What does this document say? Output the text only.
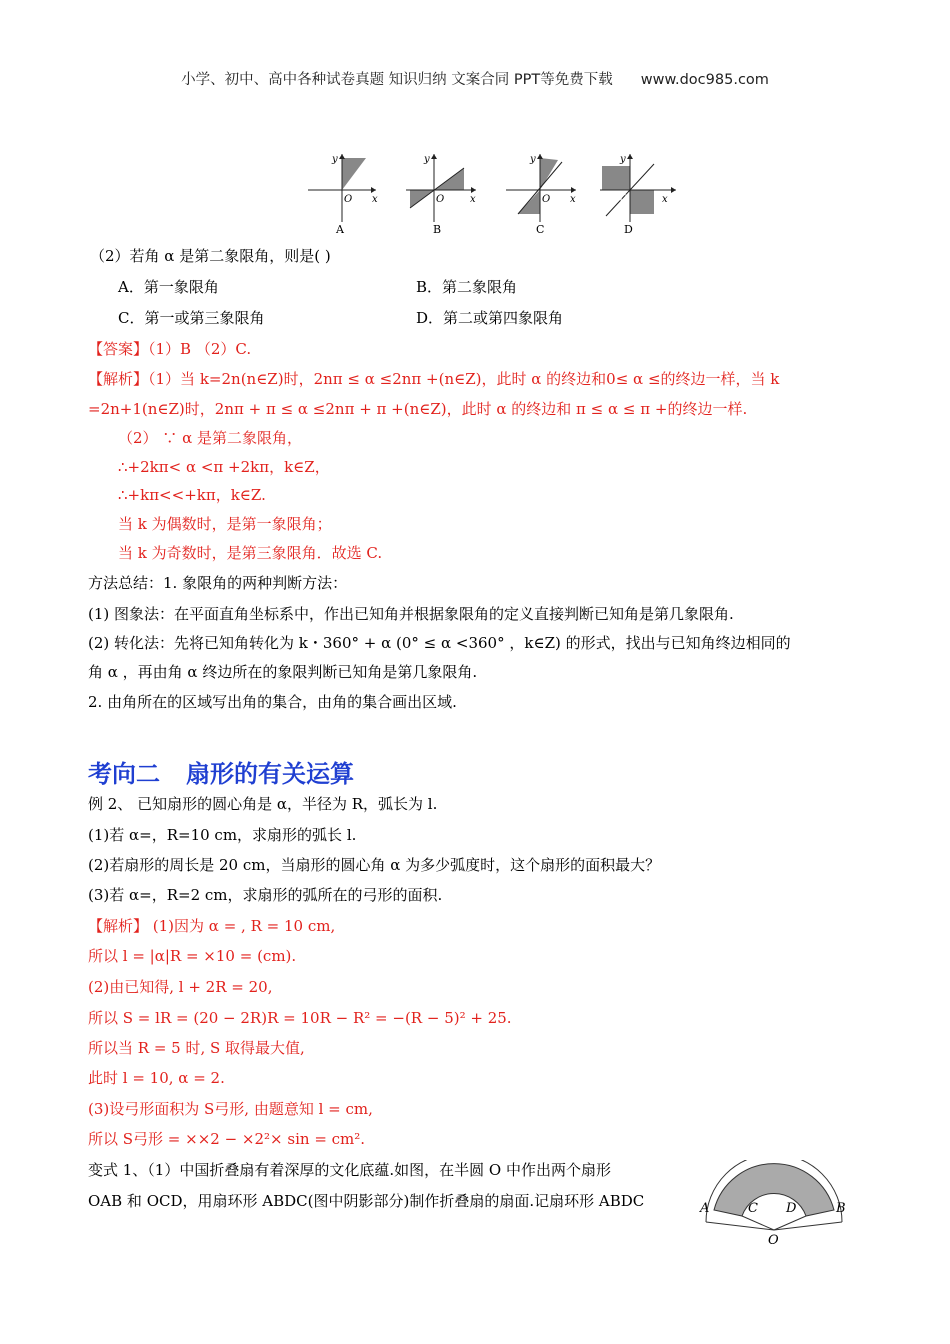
小学、初中、高中各种试卷真题 知识归纳 文案合同 PPT等免费下载 www.doc985.com
y
x
O
A
y
x
O
B
y
x
O
C
y
x
O
D
（2）若角 α 是第二象限角，则是( )
A．第一象限角	B．第二象限角
C．第一或第三象限角	D．第二或第四象限角
【答案】（1）B （2）C.
【解析】（1）当 k=2n(n∈Z)时，2nπ ≤ α ≤2nπ +(n∈Z)，此时 α 的终边和0≤ α ≤的终边一样，当 k
=2n+1(n∈Z)时，2nπ + π ≤ α ≤2nπ + π +(n∈Z)，此时 α 的终边和 π ≤ α ≤ π +的终边一样.
（2） ∵ α 是第二象限角，
∴+2kπ< α <π +2kπ，k∈Z，
∴+kπ<<+kπ，k∈Z.
当 k 为偶数时，是第一象限角；
当 k 为奇数时，是第三象限角．故选 C.
方法总结：1. 象限角的两种判断方法：
(1) 图象法：在平面直角坐标系中，作出已知角并根据象限角的定义直接判断已知角是第几象限角.
(2) 转化法：先将已知角转化为 k・360° + α (0° ≤ α <360° ，k∈Z) 的形式，找出与已知角终边相同的
角 α ，再由角 α 终边所在的象限判断已知角是第几象限角.
2. 由角所在的区域写出角的集合，由角的集合画出区域.
考向二 扇形的有关运算
例 2、 已知扇形的圆心角是 α，半径为 R，弧长为 l.
(1)若 α=，R=10 cm，求扇形的弧长 l.
(2)若扇形的周长是 20 cm，当扇形的圆心角 α 为多少弧度时，这个扇形的面积最大？
(3)若 α=，R=2 cm，求扇形的弧所在的弓形的面积.
【解析】 (1)因为 α = , R = 10 cm,
所以 l = |α|R = ×10 = (cm).
(2)由已知得, l + 2R = 20,
所以 S = lR = (20 − 2R)R = 10R − R² = −(R − 5)² + 25.
所以当 R = 5 时, S 取得最大值,
此时 l = 10, α = 2.
(3)设弓形面积为 S弓形, 由题意知 l = cm,
所以 S弓形 = ××2 − ×2²× sin = cm².
变式 1、（1）中国折叠扇有着深厚的文化底蕴.如图，在半圆 O 中作出两个扇形
OAB 和 OCD，用扇环形 ABDC(图中阴影部分)制作折叠扇的扇面.记扇环形 ABDC	A	B
C D
O
